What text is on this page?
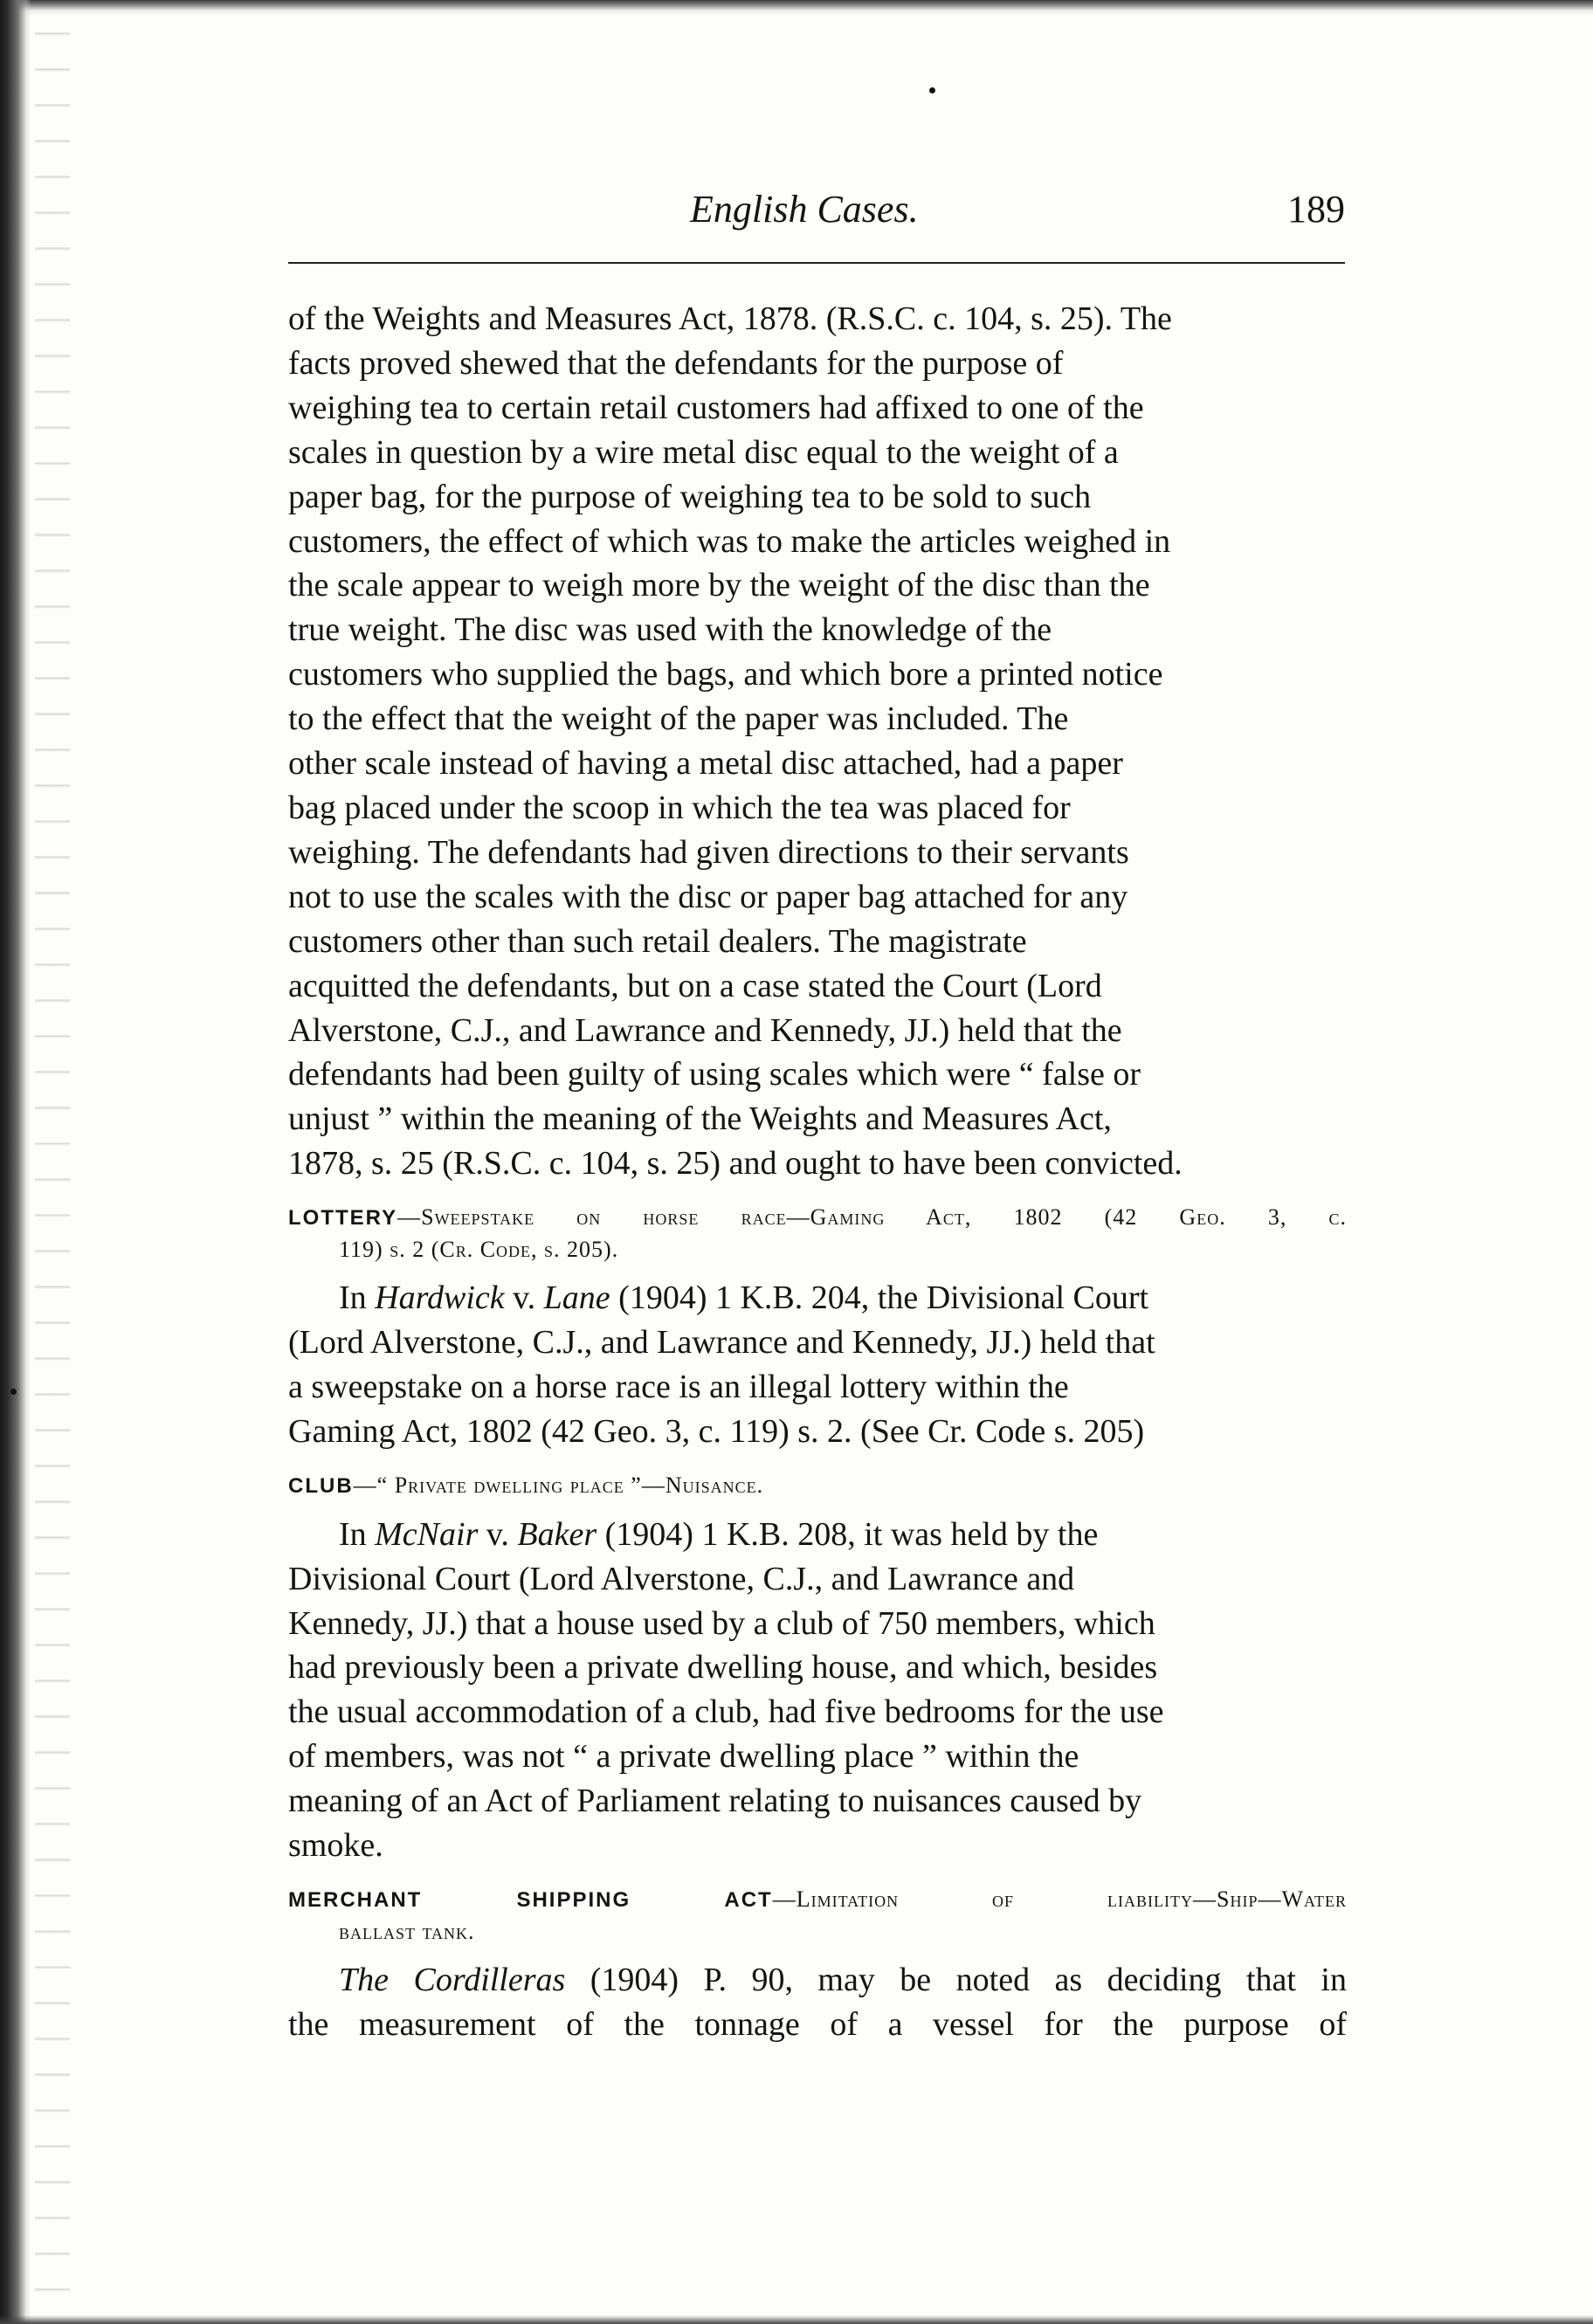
English Cases.	189

of the Weights and Measures Act, 1878. (R.S.C. c. 104, s. 25). The
facts proved shewed that the defendants for the purpose of
weighing tea to certain retail customers had affixed to one of the
scales in question by a wire metal disc equal to the weight of a
paper bag, for the purpose of weighing tea to be sold to such
customers, the effect of which was to make the articles weighed in
the scale appear to weigh more by the weight of the disc than the
true weight. The disc was used with the knowledge of the
customers who supplied the bags, and which bore a printed notice
to the effect that the weight of the paper was included. The
other scale instead of having a metal disc attached, had a paper
bag placed under the scoop in which the tea was placed for
weighing. The defendants had given directions to their servants
not to use the scales with the disc or paper bag attached for any
customers other than such retail dealers. The magistrate
acquitted the defendants, but on a case stated the Court (Lord
Alverstone, C.J., and Lawrance and Kennedy, JJ.) held that the
defendants had been guilty of using scales which were “ false or
unjust ” within the meaning of the Weights and Measures Act,
1878, s. 25 (R.S.C. c. 104, s. 25) and ought to have been convicted.

LOTTERY—Sweepstake on horse race—Gaming Act, 1802 (42 Geo. 3, c.

119) s. 2 (Cr. Code, s. 205).

In Hardwick v. Lane (1904) 1 K.B. 204, the Divisional Court
(Lord Alverstone, C.J., and Lawrance and Kennedy, JJ.) held that
a sweepstake on a horse race is an illegal lottery within the
Gaming Act, 1802 (42 Geo. 3, c. 119) s. 2. (See Cr. Code s. 205)

CLUB—“ Private dwelling place ”—Nuisance.

In McNair v. Baker (1904) 1 K.B. 208, it was held by the
Divisional Court (Lord Alverstone, C.J., and Lawrance and
Kennedy, JJ.) that a house used by a club of 750 members, which
had previously been a private dwelling house, and which, besides
the usual accommodation of a club, had five bedrooms for the use
of members, was not “ a private dwelling place ” within the
meaning of an Act of Parliament relating to nuisances caused by
smoke.

MERCHANT SHIPPING ACT—Limitation of liability—Ship—Water

ballast tank.

The Cordilleras (1904) P. 90, may be noted as deciding that in
the measurement of the tonnage of a vessel for the purpose of
